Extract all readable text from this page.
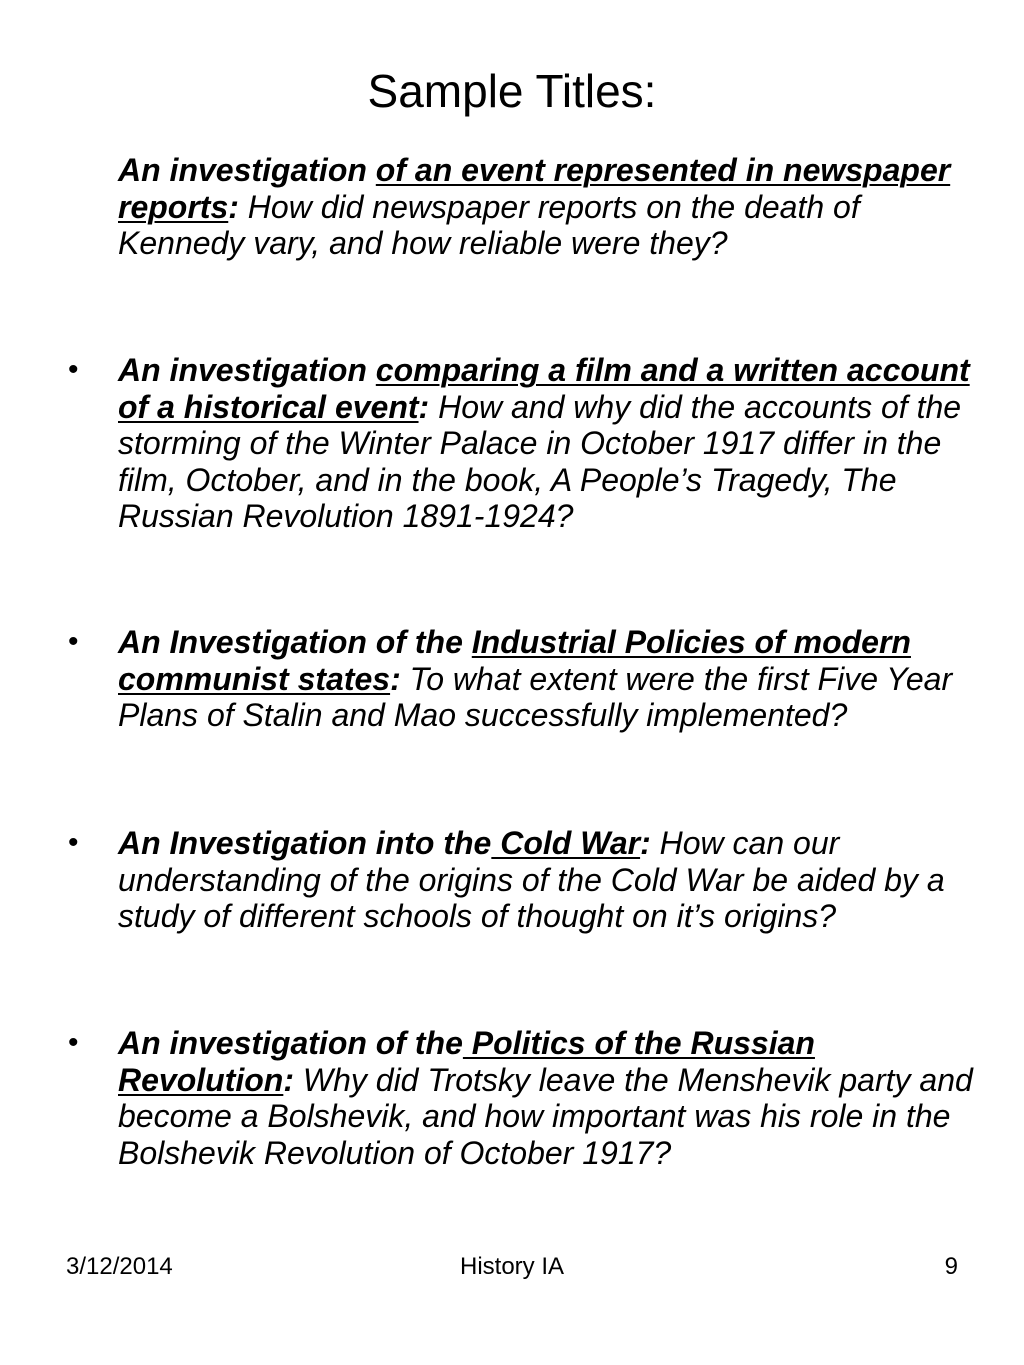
Sample Titles:
An investigation of an event represented in newspaper reports: How did newspaper reports on the death of Kennedy vary, and how reliable were they?
• An investigation comparing a film and a written account of a historical event: How and why did the accounts of the storming of the Winter Palace in October 1917 differ in the film, October, and in the book, A People’s Tragedy, The Russian Revolution 1891-1924?
• An Investigation of the Industrial Policies of modern communist states: To what extent were the first Five Year Plans of Stalin and Mao successfully implemented?
• An Investigation into the Cold War: How can our understanding of the origins of the Cold War be aided by a study of different schools of thought on it’s origins?
• An investigation of the Politics of the Russian Revolution: Why did Trotsky leave the Menshevik party and become a Bolshevik, and how important was his role in the Bolshevik Revolution of October 1917?
3/12/2014	History IA	9
